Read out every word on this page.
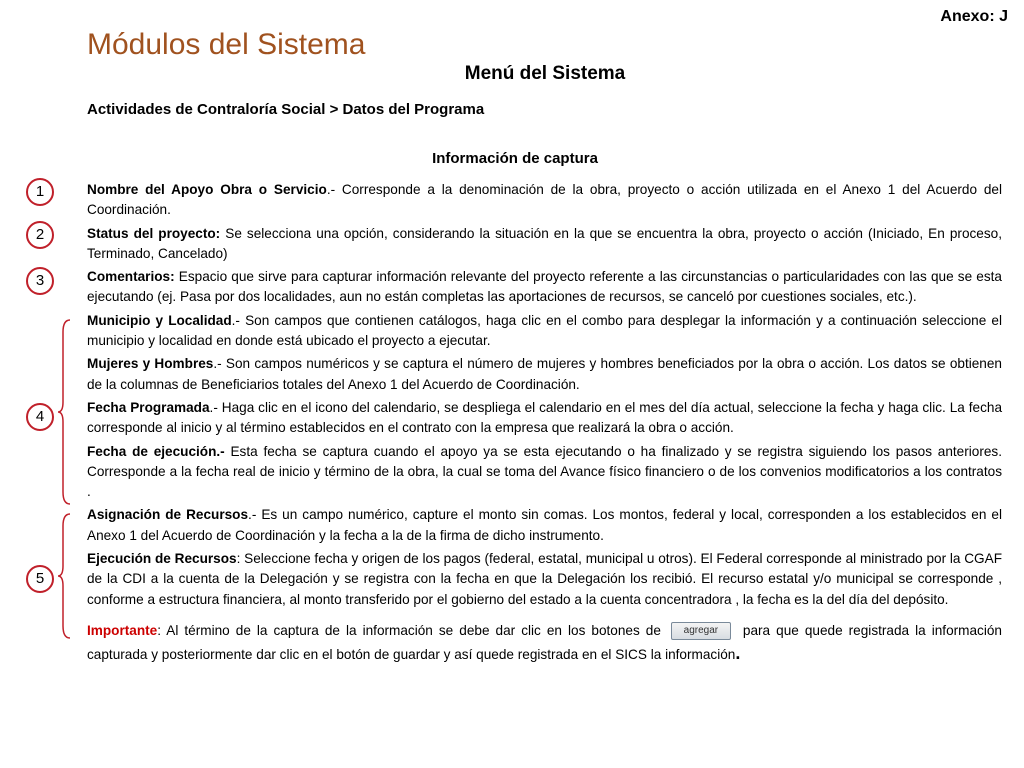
Anexo: J
Módulos del Sistema
Menú del Sistema
Actividades de Contraloría Social > Datos del Programa
Información de captura
1
2
3
4
5
Nombre del Apoyo Obra o Servicio.- Corresponde a la denominación de la obra, proyecto o acción utilizada en el Anexo 1 del Acuerdo del Coordinación.
Status del proyecto: Se selecciona una opción, considerando la situación en la que se encuentra la obra, proyecto o acción (Iniciado, En proceso, Terminado, Cancelado)
Comentarios: Espacio que sirve para capturar información relevante del proyecto referente a las circunstancias o particularidades con las que se esta ejecutando (ej. Pasa por dos localidades, aun no están completas las aportaciones de recursos, se canceló por cuestiones sociales, etc.).
Municipio y Localidad.- Son campos que contienen catálogos, haga clic en el combo para desplegar la información y a continuación seleccione el municipio y localidad en donde está ubicado el proyecto a ejecutar.
Mujeres y Hombres.- Son campos numéricos y se captura el número de mujeres y hombres beneficiados por la obra o acción. Los datos se obtienen de la columnas de Beneficiarios totales del Anexo 1 del Acuerdo de Coordinación.
Fecha Programada.- Haga clic en el icono del calendario, se despliega el calendario en el mes del día actual, seleccione la fecha y haga clic. La fecha corresponde al inicio y al término establecidos en el contrato con la empresa que realizará la obra o acción.
Fecha de ejecución.- Esta fecha se captura cuando el apoyo ya se esta ejecutando o ha finalizado y se registra siguiendo los pasos anteriores. Corresponde a la fecha real de inicio y término de la obra, la cual se toma del Avance físico financiero o de los convenios modificatorios a los contratos .
Asignación de Recursos.- Es un campo numérico, capture el monto sin comas. Los montos, federal y local, corresponden a los establecidos en el Anexo 1 del Acuerdo de Coordinación y la fecha a la de la firma de dicho instrumento.
Ejecución de Recursos: Seleccione fecha y origen de los pagos (federal, estatal, municipal u otros). El Federal corresponde al ministrado por la CGAF de la CDI a la cuenta de la Delegación y se registra con la fecha en que la Delegación los recibió. El recurso estatal y/o municipal se corresponde , conforme a estructura financiera, al monto transferido por el gobierno del estado a la cuenta concentradora , la fecha es la del día del depósito.
Importante: Al término de la captura de la información se debe dar clic en los botones de agregar para que quede registrada la información capturada y posteriormente dar clic en el botón de guardar y así quede registrada en el SICS la información.
